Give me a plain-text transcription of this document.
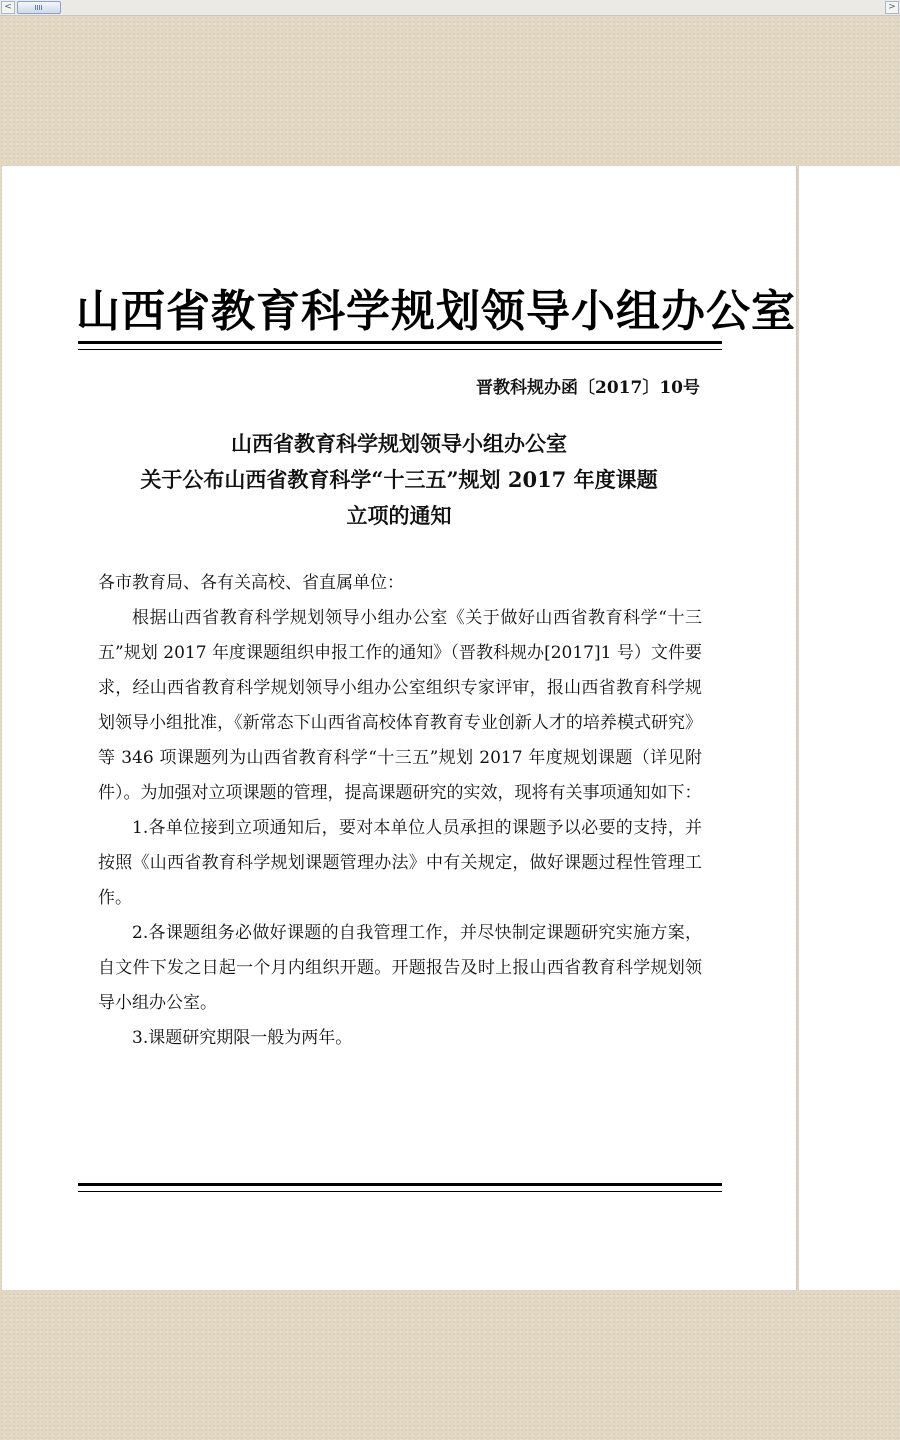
<	>
山西省教育科学规划领导小组办公室
晋教科规办函〔2017〕10号
山西省教育科学规划领导小组办公室
关于公布山西省教育科学“十三五”规划 2017 年度课题
立项的通知

各市教育局、各有关高校、省直属单位：

根据山西省教育科学规划领导小组办公室《关于做好山西省教育科学“十三五”规划 2017 年度课题组织申报工作的通知》（晋教科规办[2017]1 号）文件要求，经山西省教育科学规划领导小组办公室组织专家评审，报山西省教育科学规划领导小组批准，《新常态下山西省高校体育教育专业创新人才的培养模式研究》等 346 项课题列为山西省教育科学“十三五”规划 2017 年度规划课题（详见附件）。为加强对立项课题的管理，提高课题研究的实效，现将有关事项通知如下：

1.各单位接到立项通知后，要对本单位人员承担的课题予以必要的支持，并按照《山西省教育科学规划课题管理办法》中有关规定，做好课题过程性管理工作。

2.各课题组务必做好课题的自我管理工作，并尽快制定课题研究实施方案，自文件下发之日起一个月内组织开题。开题报告及时上报山西省教育科学规划领导小组办公室。

3.课题研究期限一般为两年。
